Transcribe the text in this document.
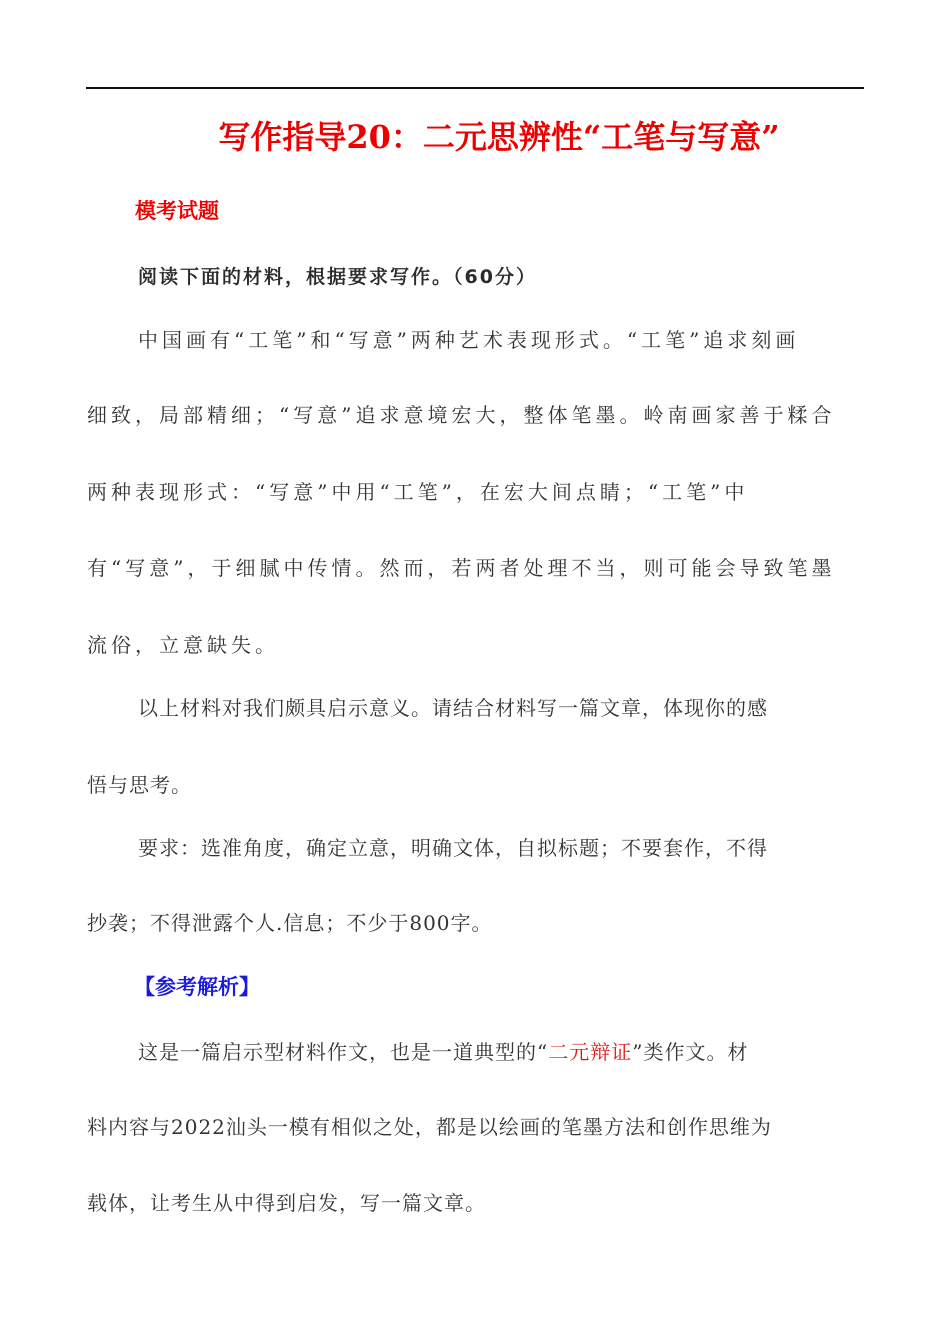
写作指导20：二元思辨性“工笔与写意”
模考试题
阅读下面的材料，根据要求写作。（60分）
中国画有“工笔”和“写意”两种艺术表现形式。“工笔”追求刻画
细致，局部精细；“写意”追求意境宏大，整体笔墨。岭南画家善于糅合
两种表现形式：“写意”中用“工笔”，在宏大间点睛；“工笔”中
有“写意”，于细腻中传情。然而，若两者处理不当，则可能会导致笔墨
流俗，立意缺失。
以上材料对我们颇具启示意义。请结合材料写一篇文章，体现你的感
悟与思考。
要求：选准角度，确定立意，明确文体，自拟标题；不要套作，不得
抄袭；不得泄露个人.信息；不少于800字。
【参考解析】
这是一篇启示型材料作文，也是一道典型的“二元辩证”类作文。材
料内容与2022汕头一模有相似之处，都是以绘画的笔墨方法和创作思维为
载体，让考生从中得到启发，写一篇文章。
